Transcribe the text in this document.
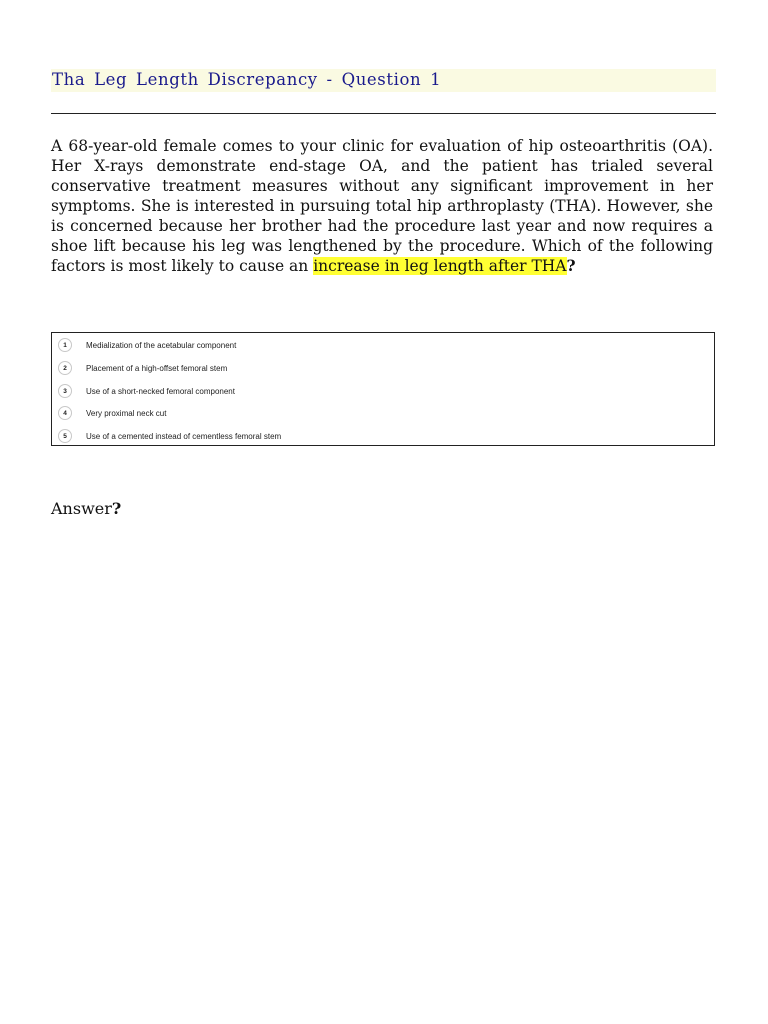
Tha Leg Length Discrepancy - Question 1
A 68-year-old female comes to your clinic for evaluation of hip osteoarthritis (OA). Her X-rays demonstrate end-stage OA, and the patient has trialed several conservative treatment measures without any significant improvement in her symptoms. She is interested in pursuing total hip arthroplasty (THA). However, she is concerned because her brother had the procedure last year and now requires a shoe lift because his leg was lengthened by the procedure. Which of the following factors is most likely to cause an increase in leg length after THA?
1	Medialization of the acetabular component
2	Placement of a high-offset femoral stem
3	Use of a short-necked femoral component
4	Very proximal neck cut
5	Use of a cemented instead of cementless femoral stem
Answer?
